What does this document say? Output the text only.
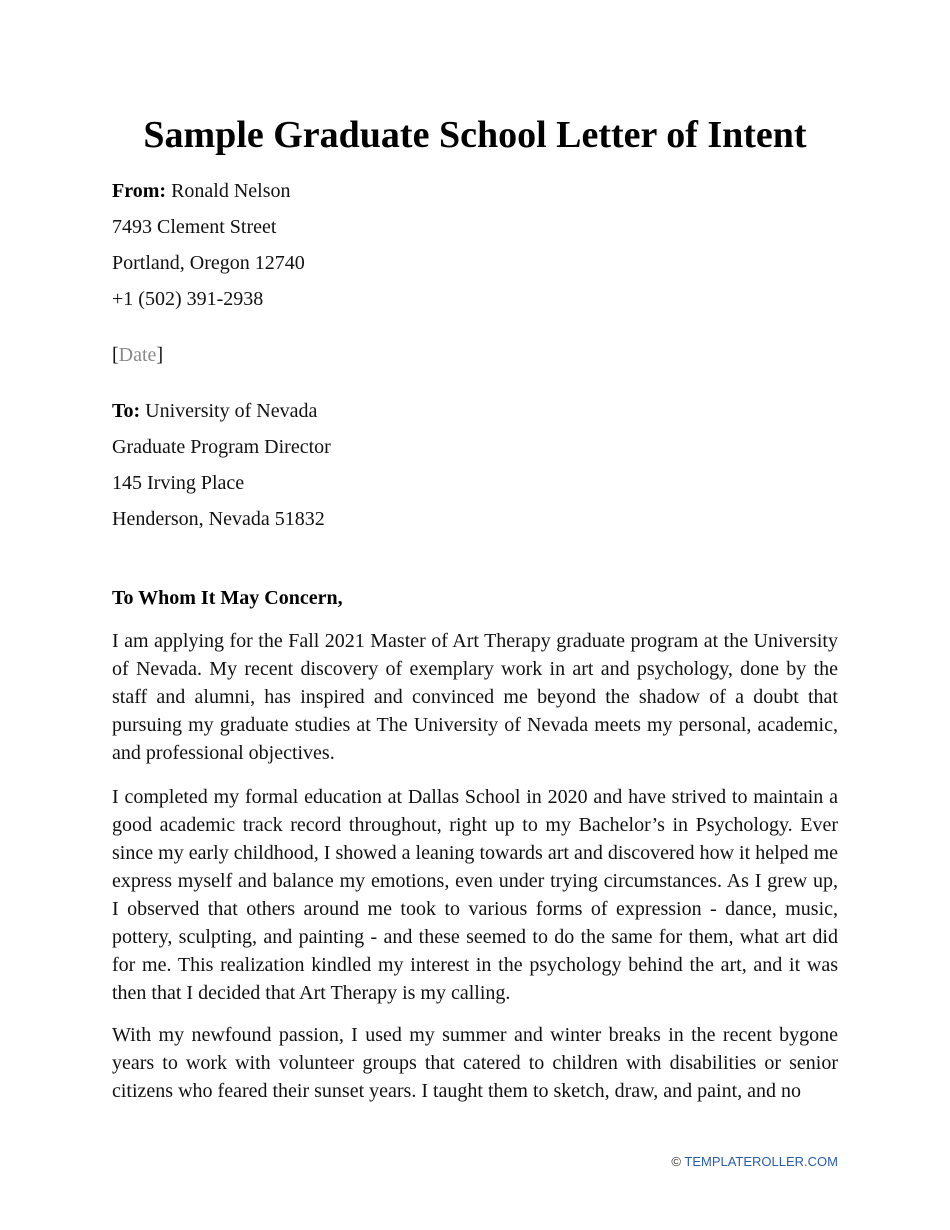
Sample Graduate School Letter of Intent
From: Ronald Nelson
7493 Clement Street
Portland, Oregon 12740
+1 (502) 391-2938
[Date]
To: University of Nevada
Graduate Program Director
145 Irving Place
Henderson, Nevada 51832
To Whom It May Concern,

I am applying for the Fall 2021 Master of Art Therapy graduate program at the University of Nevada. My recent discovery of exemplary work in art and psychology, done by the staff and alumni, has inspired and convinced me beyond the shadow of a doubt that pursuing my graduate studies at The University of Nevada meets my personal, academic, and professional objectives.

I completed my formal education at Dallas School in 2020 and have strived to maintain a good academic track record throughout, right up to my Bachelor’s in Psychology. Ever since my early childhood, I showed a leaning towards art and discovered how it helped me express myself and balance my emotions, even under trying circumstances. As I grew up, I observed that others around me took to various forms of expression - dance, music, pottery, sculpting, and painting - and these seemed to do the same for them, what art did for me. This realization kindled my interest in the psychology behind the art, and it was then that I decided that Art Therapy is my calling.

With my newfound passion, I used my summer and winter breaks in the recent bygone years to work with volunteer groups that catered to children with disabilities or senior citizens who feared their sunset years. I taught them to sketch, draw, and paint, and no

© TEMPLATEROLLER.COM
